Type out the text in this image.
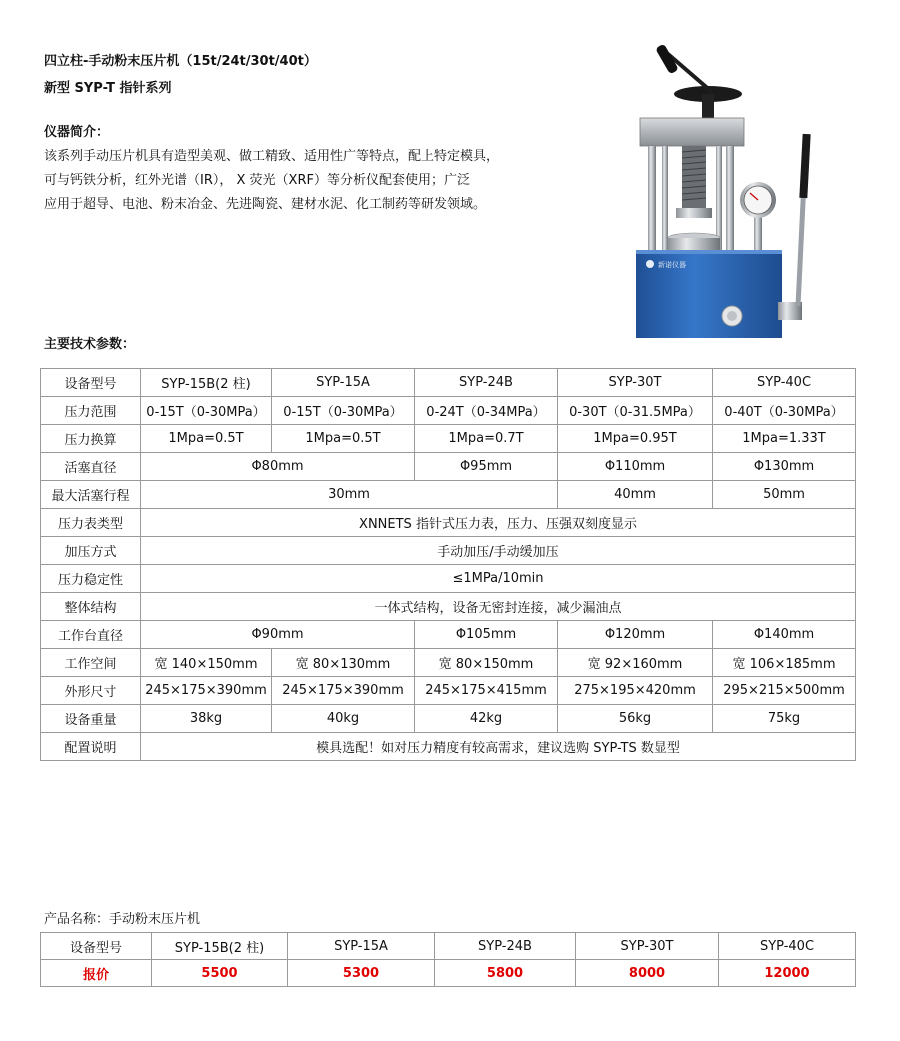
四立柱-手动粉末压片机（15t/24t/30t/40t）
新型 SYP-T 指针系列
仪器简介：
该系列手动压片机具有造型美观、做工精致、适用性广等特点，配上特定模具，
可与钙铁分析，红外光谱（IR）， X 荧光（XRF）等分析仪配套使用；广泛
应用于超导、电池、粉末冶金、先进陶瓷、建材水泥、化工制药等研发领域。
新诺仪器
主要技术参数：
设备型号	SYP-15B(2 柱)	SYP-15A	SYP-24B	SYP-30T	SYP-40C
压力范围	0-15T（0-30MPa）	0-15T（0-30MPa）	0-24T（0-34MPa）	0-30T（0-31.5MPa）	0-40T（0-30MPa）
压力换算	1Mpa=0.5T	1Mpa=0.5T	1Mpa=0.7T	1Mpa=0.95T	1Mpa=1.33T
活塞直径	Φ80mm		Φ95mm	Φ110mm	Φ130mm
最大活塞行程	30mm			40mm	50mm
压力表类型	XNNETS 指针式压力表，压力、压强双刻度显示				
加压方式	手动加压/手动缓加压				
压力稳定性	≤1MPa/10min				
整体结构	一体式结构，设备无密封连接，减少漏油点				
工作台直径	Φ90mm		Φ105mm	Φ120mm	Φ140mm
工作空间	宽 140×150mm	宽 80×130mm	宽 80×150mm	宽 92×160mm	宽 106×185mm
外形尺寸	245×175×390mm	245×175×390mm	245×175×415mm	275×195×420mm	295×215×500mm
设备重量	38kg	40kg	42kg	56kg	75kg
配置说明	模具选配！如对压力精度有较高需求，建议选购 SYP-TS 数显型				
产品名称：手动粉末压片机
设备型号	SYP-15B(2 柱)	SYP-15A	SYP-24B	SYP-30T	SYP-40C
报价	5500	5300	5800	8000	12000
